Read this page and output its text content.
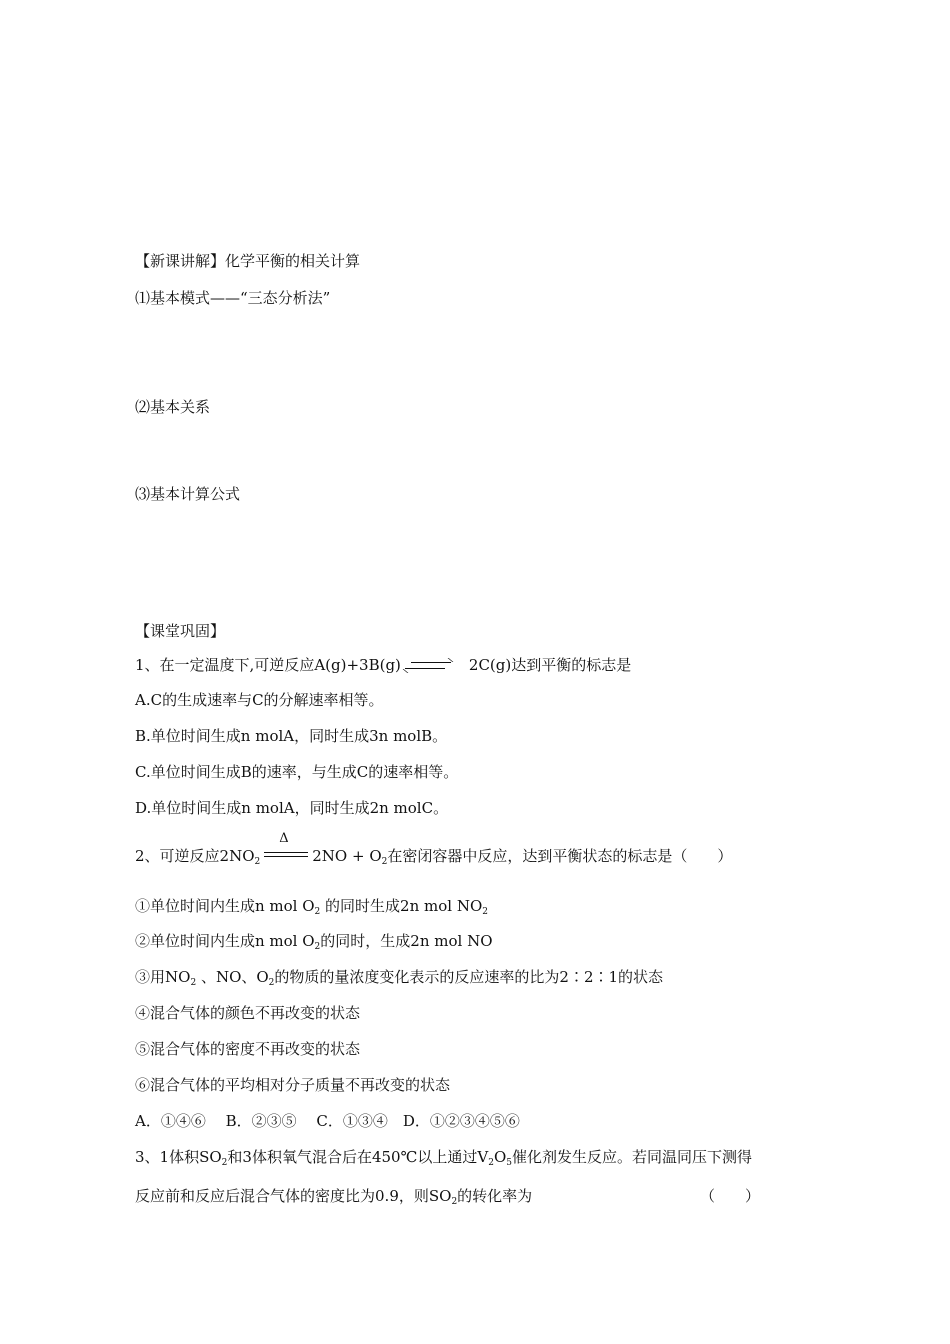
【新课讲解】化学平衡的相关计算
⑴基本模式——“三态分析法”
⑵基本关系
⑶基本计算公式
【课堂巩固】
1、在一定温度下,可逆反应A(g)+3B(g)	2C(g)达到平衡的标志是
A.C的生成速率与C的分解速率相等。
B.单位时间生成n molA，同时生成3n molB。
C.单位时间生成B的速率，与生成C的速率相等。
D.单位时间生成n molA，同时生成2n molC。
2、可逆反应$2NO_2$
Δ
$2NO + O_2$在密闭容器中反应，达到平衡状态的标志是（　　）
①单位时间内生成n mol $O_2$ 的同时生成2n mol $NO_2$
②单位时间内生成n mol $O_2$的同时，生成2n mol NO
③用$NO_2$ 、NO、$O_2$的物质的量浓度变化表示的反应速率的比为2∶2∶1的状态
④混合气体的颜色不再改变的状态
⑤混合气体的密度不再改变的状态
⑥混合气体的平均相对分子质量不再改变的状态
A．①④⑥　 B．②③⑤　 C．①③④　D．①②③④⑤⑥
3、1体积$SO_2$和3体积氧气混合后在450℃以上通过$V_2O_5$催化剂发生反应。若同温同压下测得
反应前和反应后混合气体的密度比为0.9，则$SO_2$的转化率为	（　　）
